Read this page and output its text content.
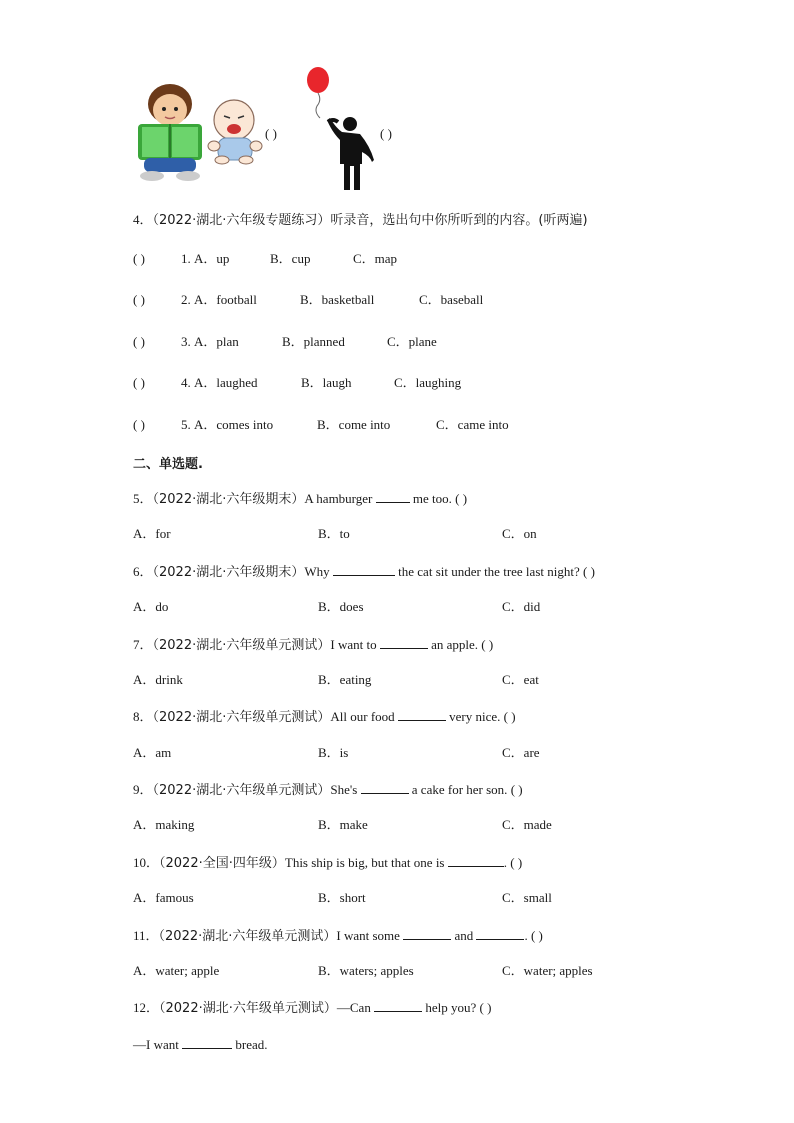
( )	( )
4．（2022·湖北·六年级专题练习）听录音，选出句中你所听到的内容。(听两遍)
( )	1. A．up	B．cup	C．map
( )	2. A．football	B．basketball	C．baseball
( )	3. A．plan	B．planned	C．plane
( )	4. A．laughed	B．laugh	C．laughing
( )	5. A．comes into	B．come into	C．came into
二、单选题.
5．（2022·湖北·六年级期末）A hamburger	me too. ( )
A．for	B．to	C．on
6．（2022·湖北·六年级期末）Why	the cat sit under the tree last night? ( )
A．do	B．does	C．did
7．（2022·湖北·六年级单元测试）I want to	an apple. ( )
A．drink	B．eating	C．eat
8．（2022·湖北·六年级单元测试）All our food	very nice. ( )
A．am	B．is	C．are
9．（2022·湖北·六年级单元测试）She's	a cake for her son. ( )
A．making	B．make	C．made
10．（2022·全国·四年级）This ship is big, but that one is	. ( )
A．famous	B．short	C．small
11．（2022·湖北·六年级单元测试）I want some	and	. ( )
A．water; apple	B．waters; apples	C．water; apples
12．（2022·湖北·六年级单元测试）—Can	help you? ( )
—I want	bread.
